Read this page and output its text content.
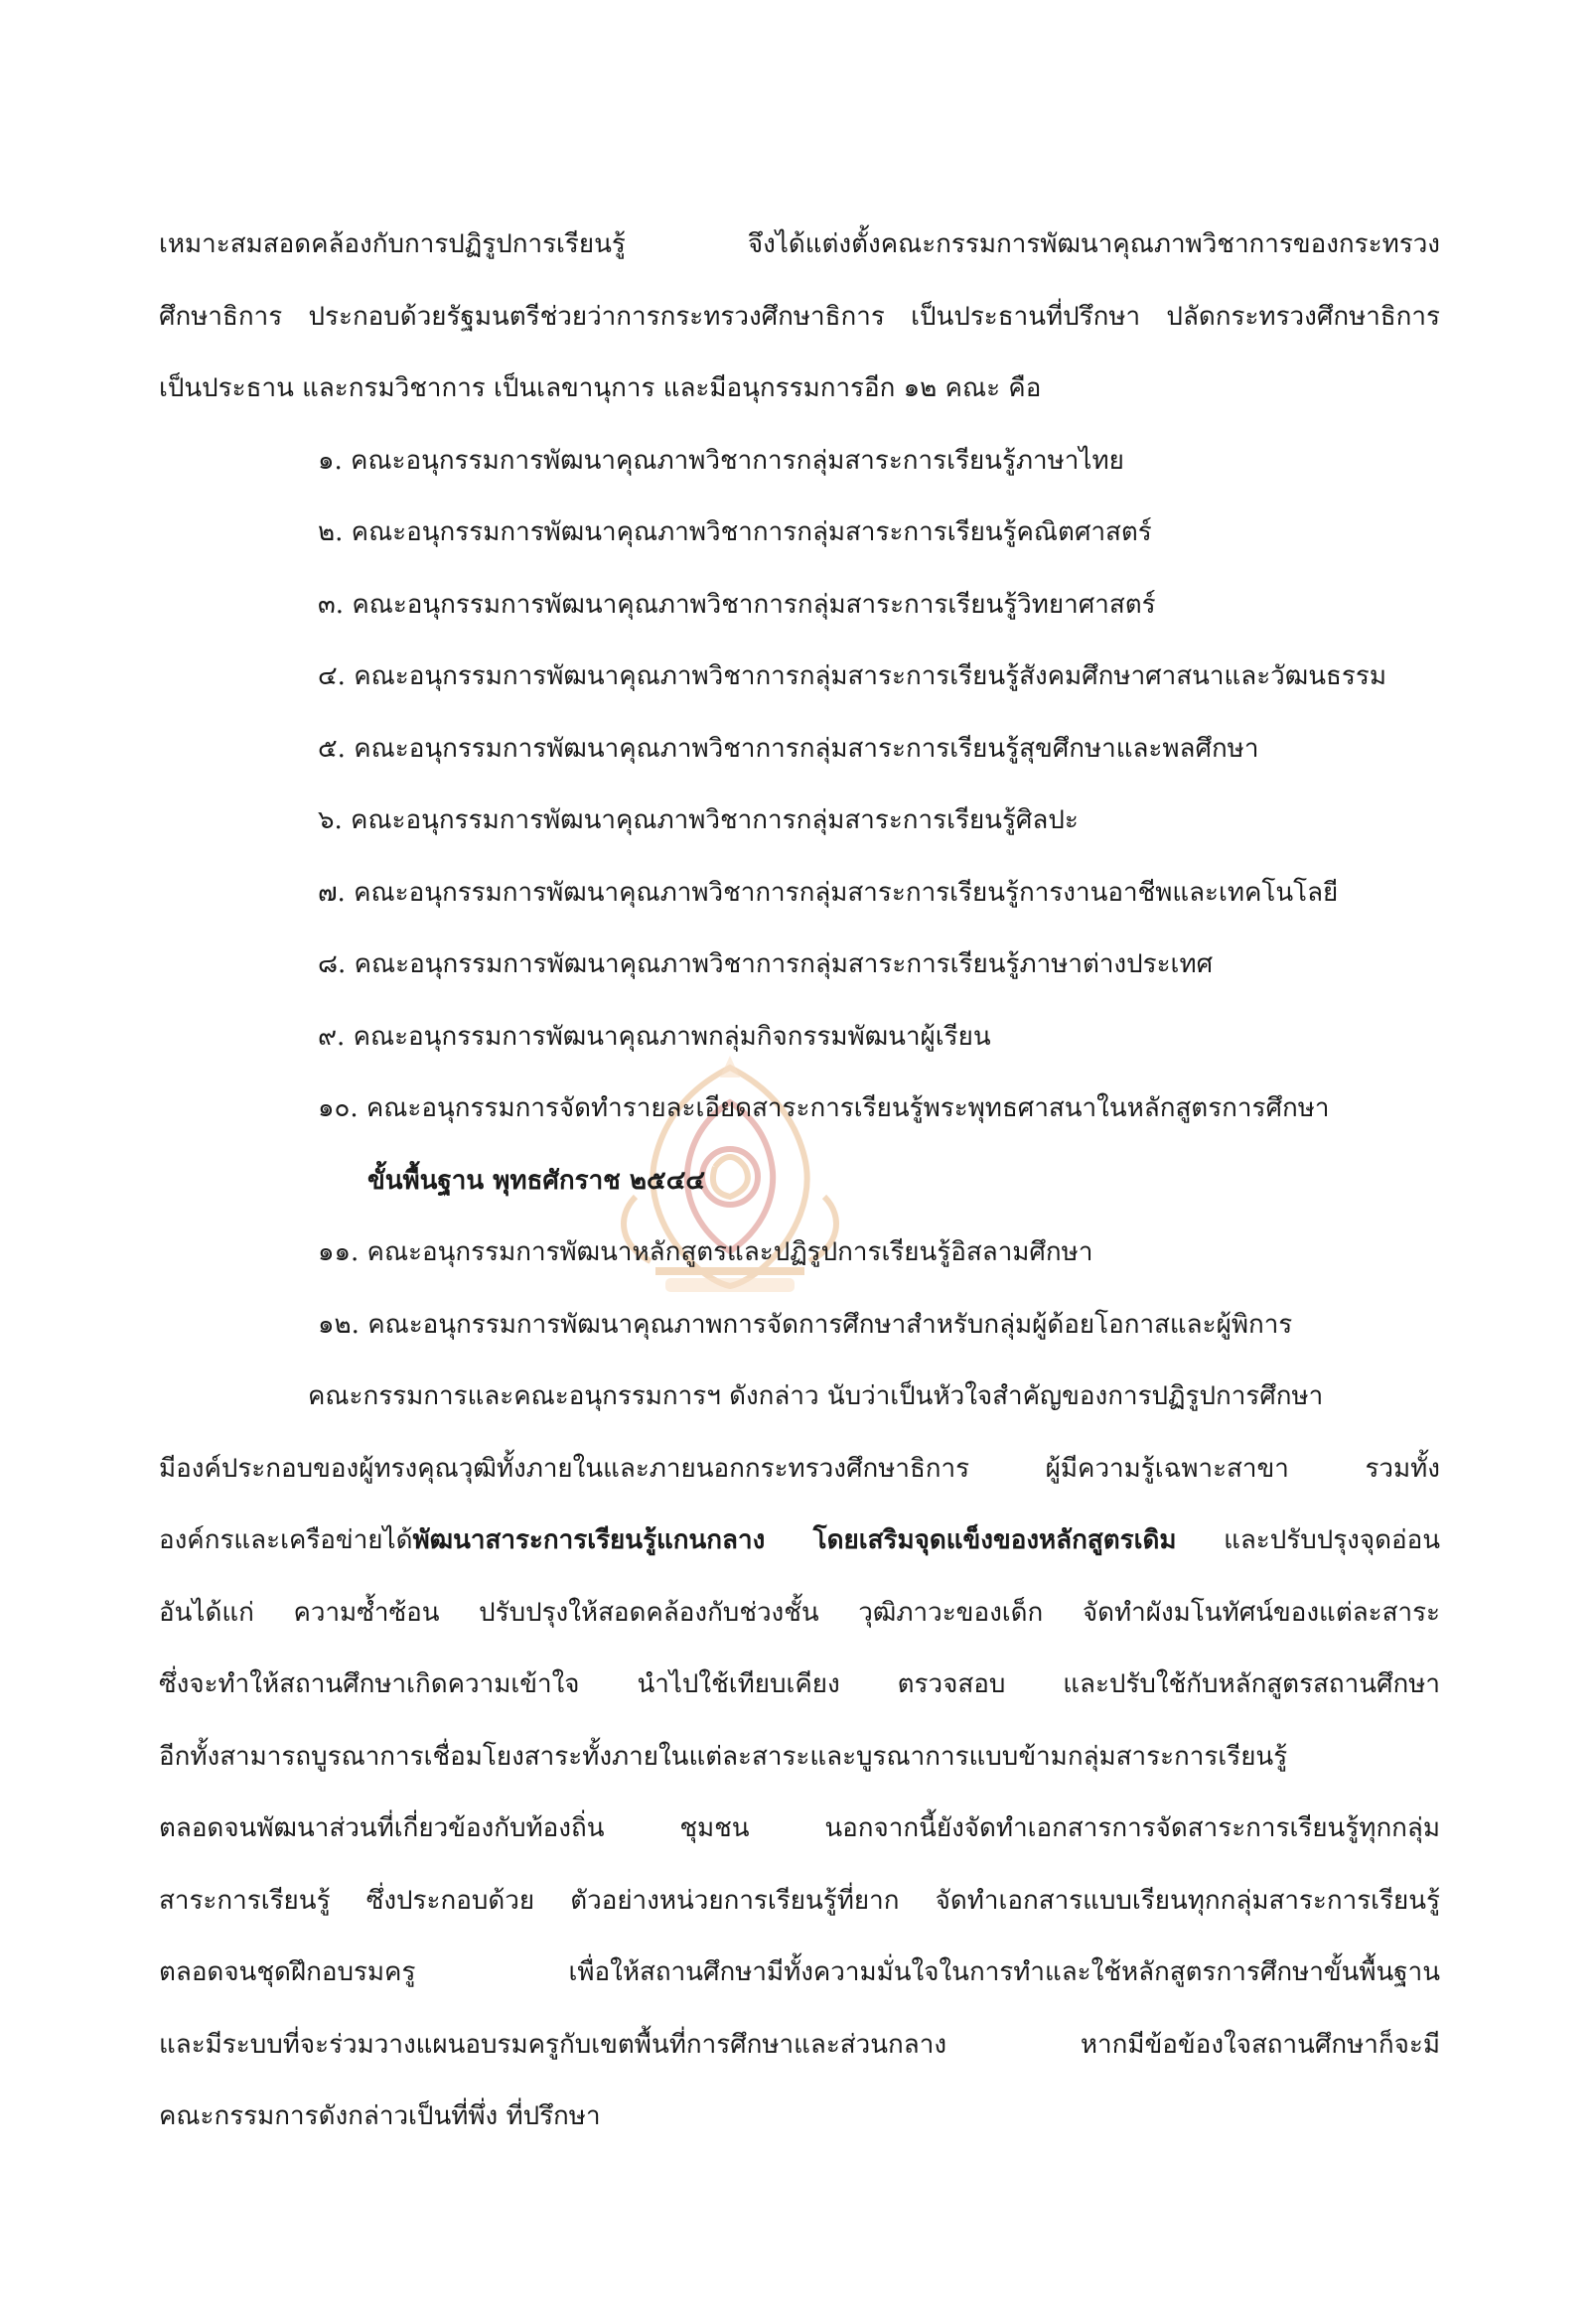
เหมาะสมสอดคล้องกับการปฏิรูปการเรียนรู้ จึงได้แต่งตั้งคณะกรรมการพัฒนาคุณภาพวิชาการของกระทรวง
ศึกษาธิการ ประกอบด้วยรัฐมนตรีช่วยว่าการกระทรวงศึกษาธิการ เป็นประธานที่ปรึกษา ปลัดกระทรวงศึกษาธิการ
เป็นประธาน และกรมวิชาการ เป็นเลขานุการ และมีอนุกรรมการอีก ๑๒ คณะ คือ
๑. คณะอนุกรรมการพัฒนาคุณภาพวิชาการกลุ่มสาระการเรียนรู้ภาษาไทย
๒. คณะอนุกรรมการพัฒนาคุณภาพวิชาการกลุ่มสาระการเรียนรู้คณิตศาสตร์
๓. คณะอนุกรรมการพัฒนาคุณภาพวิชาการกลุ่มสาระการเรียนรู้วิทยาศาสตร์
๔. คณะอนุกรรมการพัฒนาคุณภาพวิชาการกลุ่มสาระการเรียนรู้สังคมศึกษาศาสนาและวัฒนธรรม
๕. คณะอนุกรรมการพัฒนาคุณภาพวิชาการกลุ่มสาระการเรียนรู้สุขศึกษาและพลศึกษา
๖. คณะอนุกรรมการพัฒนาคุณภาพวิชาการกลุ่มสาระการเรียนรู้ศิลปะ
๗. คณะอนุกรรมการพัฒนาคุณภาพวิชาการกลุ่มสาระการเรียนรู้การงานอาชีพและเทคโนโลยี
๘. คณะอนุกรรมการพัฒนาคุณภาพวิชาการกลุ่มสาระการเรียนรู้ภาษาต่างประเทศ
๙. คณะอนุกรรมการพัฒนาคุณภาพกลุ่มกิจกรรมพัฒนาผู้เรียน
๑๐. คณะอนุกรรมการจัดทำรายละเอียดสาระการเรียนรู้พระพุทธศาสนาในหลักสูตรการศึกษา
ขั้นพื้นฐาน พุทธศักราช ๒๕๔๔
๑๑. คณะอนุกรรมการพัฒนาหลักสูตรและปฏิรูปการเรียนรู้อิสลามศึกษา
๑๒. คณะอนุกรรมการพัฒนาคุณภาพการจัดการศึกษาสำหรับกลุ่มผู้ด้อยโอกาสและผู้พิการ
คณะกรรมการและคณะอนุกรรมการฯ ดังกล่าว นับว่าเป็นหัวใจสำคัญของการปฏิรูปการศึกษา
มีองค์ประกอบของผู้ทรงคุณวุฒิทั้งภายในและภายนอกกระทรวงศึกษาธิการ ผู้มีความรู้เฉพาะสาขา รวมทั้ง
องค์กรและเครือข่ายได้พัฒนาสาระการเรียนรู้แกนกลาง โดยเสริมจุดแข็งของหลักสูตรเดิม และปรับปรุงจุดอ่อน
อันได้แก่ ความซ้ำซ้อน ปรับปรุงให้สอดคล้องกับช่วงชั้น วุฒิภาวะของเด็ก จัดทำผังมโนทัศน์ของแต่ละสาระ
ซึ่งจะทำให้สถานศึกษาเกิดความเข้าใจ นำไปใช้เทียบเคียง ตรวจสอบ และปรับใช้กับหลักสูตรสถานศึกษา
อีกทั้งสามารถบูรณาการเชื่อมโยงสาระทั้งภายในแต่ละสาระและบูรณาการแบบข้ามกลุ่มสาระการเรียนรู้
ตลอดจนพัฒนาส่วนที่เกี่ยวข้องกับท้องถิ่น ชุมชน นอกจากนี้ยังจัดทำเอกสารการจัดสาระการเรียนรู้ทุกกลุ่ม
สาระการเรียนรู้ ซึ่งประกอบด้วย ตัวอย่างหน่วยการเรียนรู้ที่ยาก จัดทำเอกสารแบบเรียนทุกกลุ่มสาระการเรียนรู้
ตลอดจนชุดฝึกอบรมครู เพื่อให้สถานศึกษามีทั้งความมั่นใจในการทำและใช้หลักสูตรการศึกษาขั้นพื้นฐาน
และมีระบบที่จะร่วมวางแผนอบรมครูกับเขตพื้นที่การศึกษาและส่วนกลาง หากมีข้อข้องใจสถานศึกษาก็จะมี
คณะกรรมการดังกล่าวเป็นที่พึ่ง ที่ปรึกษา
